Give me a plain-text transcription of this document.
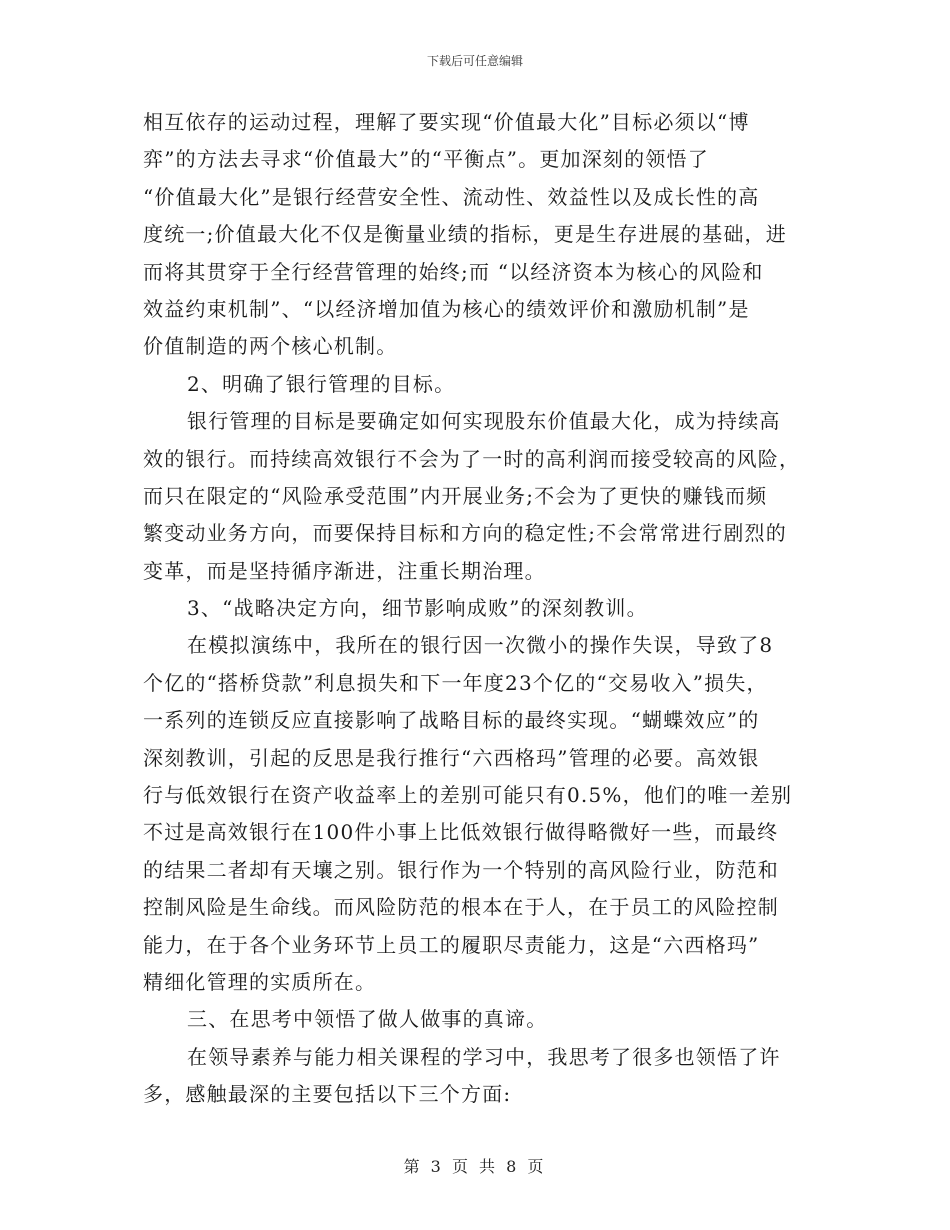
下载后可任意编辑
相互依存的运动过程，理解了要实现“价值最大化”目标必须以“博
弈”的方法去寻求“价值最大”的“平衡点”。更加深刻的领悟了
“价值最大化”是银行经营安全性、流动性、效益性以及成长性的高
度统一;价值最大化不仅是衡量业绩的指标，更是生存进展的基础，进
而将其贯穿于全行经营管理的始终;而 “以经济资本为核心的风险和
效益约束机制”、“以经济增加值为核心的绩效评价和激励机制”是
价值制造的两个核心机制。
2、明确了银行管理的目标。
银行管理的目标是要确定如何实现股东价值最大化，成为持续高
效的银行。而持续高效银行不会为了一时的高利润而接受较高的风险，
而只在限定的“风险承受范围”内开展业务;不会为了更快的赚钱而频
繁变动业务方向，而要保持目标和方向的稳定性;不会常常进行剧烈的
变革，而是坚持循序渐进，注重长期治理。
3、“战略决定方向，细节影响成败”的深刻教训。
在模拟演练中，我所在的银行因一次微小的操作失误，导致了8
个亿的“搭桥贷款”利息损失和下一年度23个亿的“交易收入”损失，
一系列的连锁反应直接影响了战略目标的最终实现。“蝴蝶效应”的
深刻教训，引起的反思是我行推行“六西格玛”管理的必要。高效银
行与低效银行在资产收益率上的差别可能只有0.5%，他们的唯一差别
不过是高效银行在100件小事上比低效银行做得略微好一些，而最终
的结果二者却有天壤之别。银行作为一个特别的高风险行业，防范和
控制风险是生命线。而风险防范的根本在于人，在于员工的风险控制
能力，在于各个业务环节上员工的履职尽责能力，这是“六西格玛”
精细化管理的实质所在。
三、在思考中领悟了做人做事的真谛。
在领导素养与能力相关课程的学习中，我思考了很多也领悟了许
多，感触最深的主要包括以下三个方面:
第 3 页 共 8 页
